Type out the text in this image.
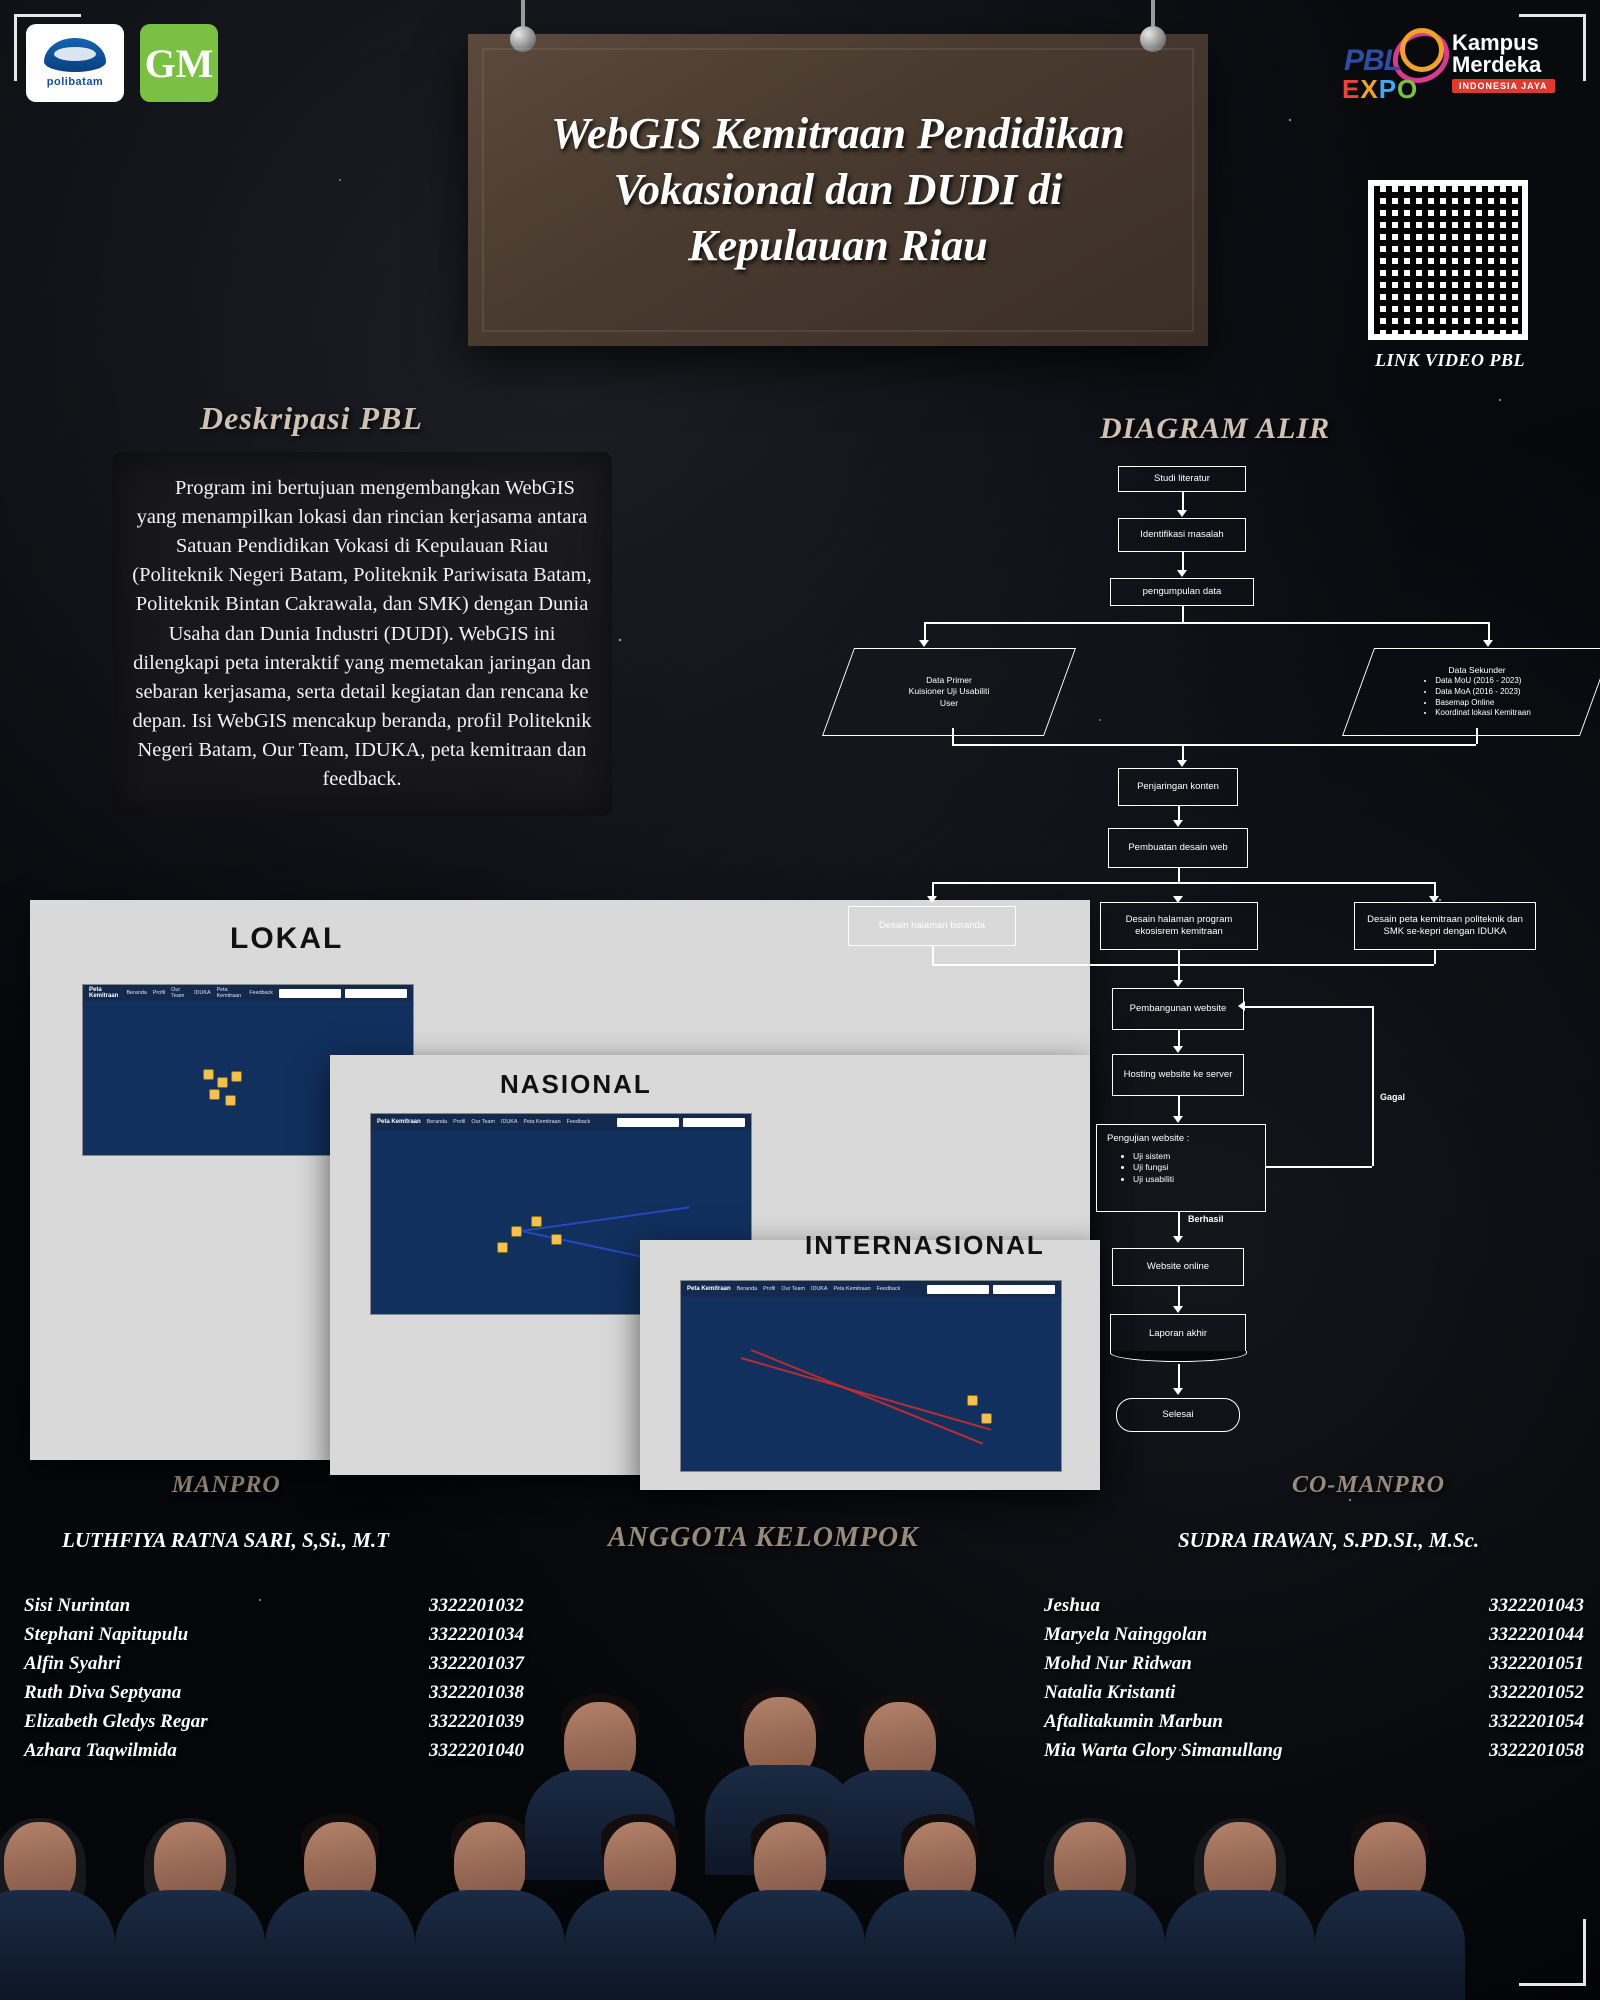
polibatam GM	PBL
EXPO
Kampus
Merdeka
INDONESIA JAYA
LINK VIDEO PBL
WebGIS Kemitraan Pendidikan Vokasional dan DUDI di Kepulauan Riau
Deskripasi PBL	DIAGRAM ALIR
MANPRO	CO-MANPRO
ANGGOTA KELOMPOK
Program ini bertujuan mengembangkan WebGIS yang menampilkan lokasi dan rincian kerjasama antara Satuan Pendidikan Vokasi di Kepulauan Riau (Politeknik Negeri Batam, Politeknik Pariwisata Batam, Politeknik Bintan Cakrawala, dan SMK) dengan Dunia Usaha dan Dunia Industri (DUDI). WebGIS ini dilengkapi peta interaktif yang memetakan jaringan dan sebaran kerjasama, serta detail kegiatan dan rencana ke depan. Isi WebGIS mencakup beranda, profil Politeknik Negeri Batam, Our Team, IDUKA, peta kemitraan dan feedback.
LOKAL
Peta Kemitraan	Beranda Profil Our Team	IDUKA Peta Kemitraan	Feedback
NASIONAL
Peta Kemitraan Beranda Profil Our Team IDUKA Peta Kemitraan Feedback
INTERNASIONAL
Peta Kemitraan Beranda Profil Our Team IDUKA Peta Kemitraan Feedback
Studi literatur
Identifikasi masalah
pengumpulan data
Data Primer
Kuisioner Uji Usabiliti
User
Data Sekunder
• Data MoU (2016 - 2023)
• Data MoA (2016 - 2023)
• Basemap Online
• Koordinat lokasi Kemitraan
Penjaringan konten
Pembuatan desain web
Desain halaman beranda
Desain halaman program ekosisrem kemitraan
Desain peta kemitraan politeknik dan SMK se-kepri dengan IDUKA
Pembangunan website
Hosting website ke server
Pengujian website :
• Uji sistem
• Uji fungsi
• Uji usabiliti
Gagal
Berhasil
Website online
Laporan akhir
Selesai
LUTHFIYA RATNA SARI, S,Si., M.T	SUDRA IRAWAN, S.PD.SI., M.Sc.
Sisi Nurintan	3322201032
Stephani Napitupulu	3322201034
Alfin Syahri	3322201037
Ruth Diva Septyana	3322201038
Elizabeth Gledys Regar	3322201039
Azhara Taqwilmida	3322201040
Jeshua	3322201043
Maryela Nainggolan	3322201044
Mohd Nur Ridwan	3322201051
Natalia Kristanti	3322201052
Aftalitakumin Marbun	3322201054
Mia Warta Glory Simanullang	3322201058
